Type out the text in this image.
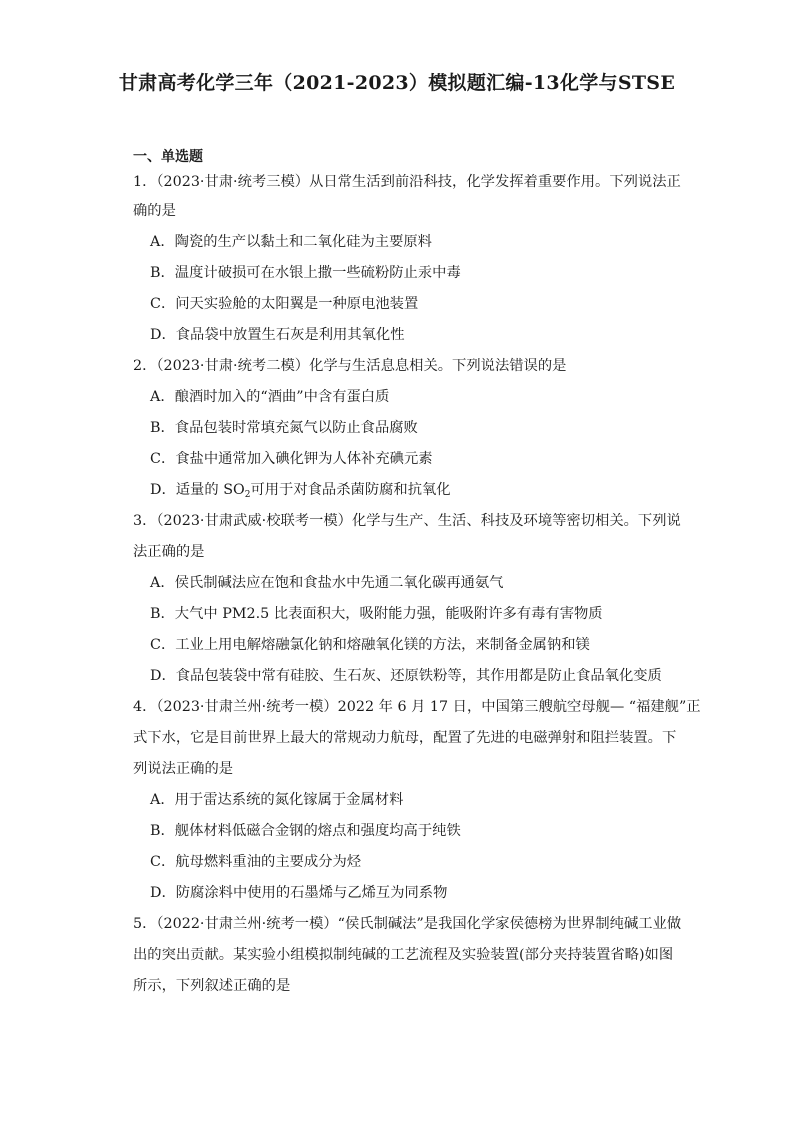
甘肃高考化学三年（2021-2023）模拟题汇编-13化学与STSE
一、单选题
1．（2023·甘肃·统考三模）从日常生活到前沿科技，化学发挥着重要作用。下列说法正
确的是
A．陶瓷的生产以黏土和二氧化硅为主要原料
B．温度计破损可在水银上撒一些硫粉防止汞中毒
C．问天实验舱的太阳翼是一种原电池装置
D．食品袋中放置生石灰是利用其氧化性
2．（2023·甘肃·统考二模）化学与生活息息相关。下列说法错误的是
A．酿酒时加入的“酒曲”中含有蛋白质
B．食品包装时常填充氮气以防止食品腐败
C．食盐中通常加入碘化钾为人体补充碘元素
D．适量的 $SO_2$可用于对食品杀菌防腐和抗氧化
3．（2023·甘肃武威·校联考一模）化学与生产、生活、科技及环境等密切相关。下列说
法正确的是
A．侯氏制碱法应在饱和食盐水中先通二氧化碳再通氨气
B．大气中 PM2.5 比表面积大，吸附能力强，能吸附许多有毒有害物质
C．工业上用电解熔融氯化钠和熔融氧化镁的方法，来制备金属钠和镁
D．食品包装袋中常有硅胶、生石灰、还原铁粉等，其作用都是防止食品氧化变质
4．（2023·甘肃兰州·统考一模）2022 年 6 月 17 日，中国第三艘航空母舰— “福建舰”正
式下水，它是目前世界上最大的常规动力航母，配置了先进的电磁弹射和阻拦装置。下
列说法正确的是
A．用于雷达系统的氮化镓属于金属材料
B．舰体材料低磁合金钢的熔点和强度均高于纯铁
C．航母燃料重油的主要成分为烃
D．防腐涂料中使用的石墨烯与乙烯互为同系物
5．（2022·甘肃兰州·统考一模）“侯氏制碱法”是我国化学家侯德榜为世界制纯碱工业做
出的突出贡献。某实验小组模拟制纯碱的工艺流程及实验装置(部分夹持装置省略)如图
所示，下列叙述正确的是
